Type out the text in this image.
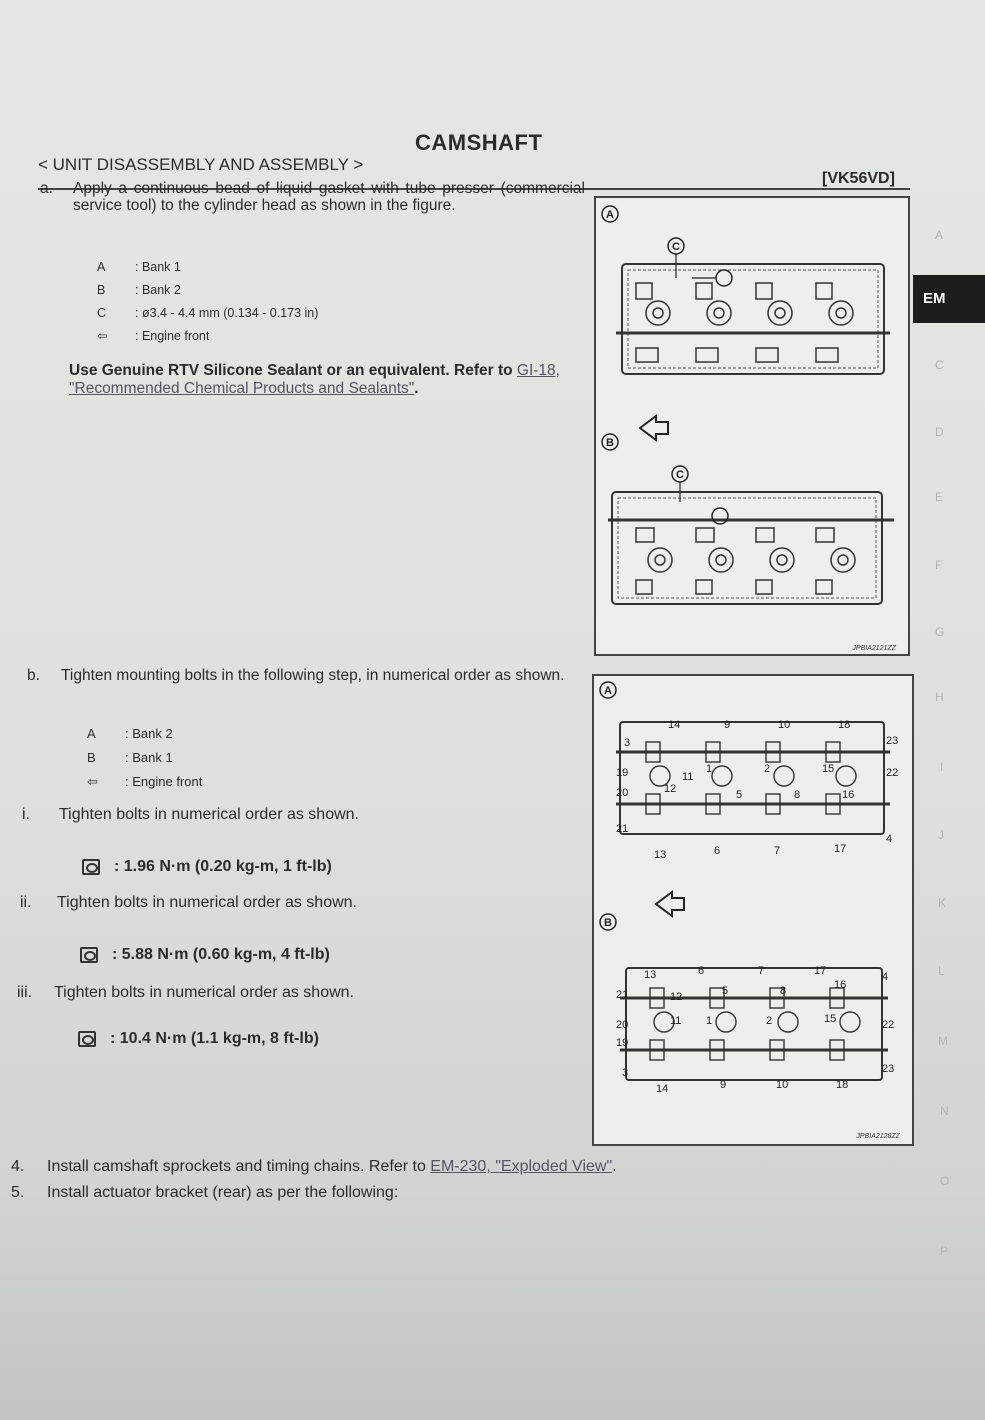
CAMSHAFT
< UNIT DISASSEMBLY AND ASSEMBLY >
[VK56VD]
a. Apply a continuous bead of liquid gasket with tube presser (commercial service tool) to the cylinder head as shown in the figure.
A : Bank 1
B : Bank 2
C : ø3.4 - 4.4 mm (0.134 - 0.173 in)
⇦ : Engine front
Use Genuine RTV Silicone Sealant or an equivalent. Refer to GI-18, "Recommended Chemical Products and Sealants".
A
C
B
C
JPBIA2121ZZ
b. Tighten mounting bolts in the following step, in numerical order as shown.
A : Bank 2
B : Bank 1
⇦ : Engine front
i. Tighten bolts in numerical order as shown.
: 1.96 N·m (0.20 kg-m, 1 ft-lb)
ii. Tighten bolts in numerical order as shown.
: 5.88 N·m (0.60 kg-m, 4 ft-lb)
iii. Tighten bolts in numerical order as shown.
: 10.4 N·m (1.1 kg-m, 8 ft-lb)
A
14	9	10	18
23
3
19
20
21
11
1	2	15	22
12	5	8	16
13	6	7	17
4
B
13	6	7	17	4
21
20
19
3
12	5	8	16
11 1	2	15	22
14	9	10	18
23
JPBIA2128ZZ
4. Install camshaft sprockets and timing chains. Refer to EM-230, "Exploded View".
5. Install actuator bracket (rear) as per the following:
EM
A
C
D
E
F
G
H
I
J
K
L
M
N
O
P
